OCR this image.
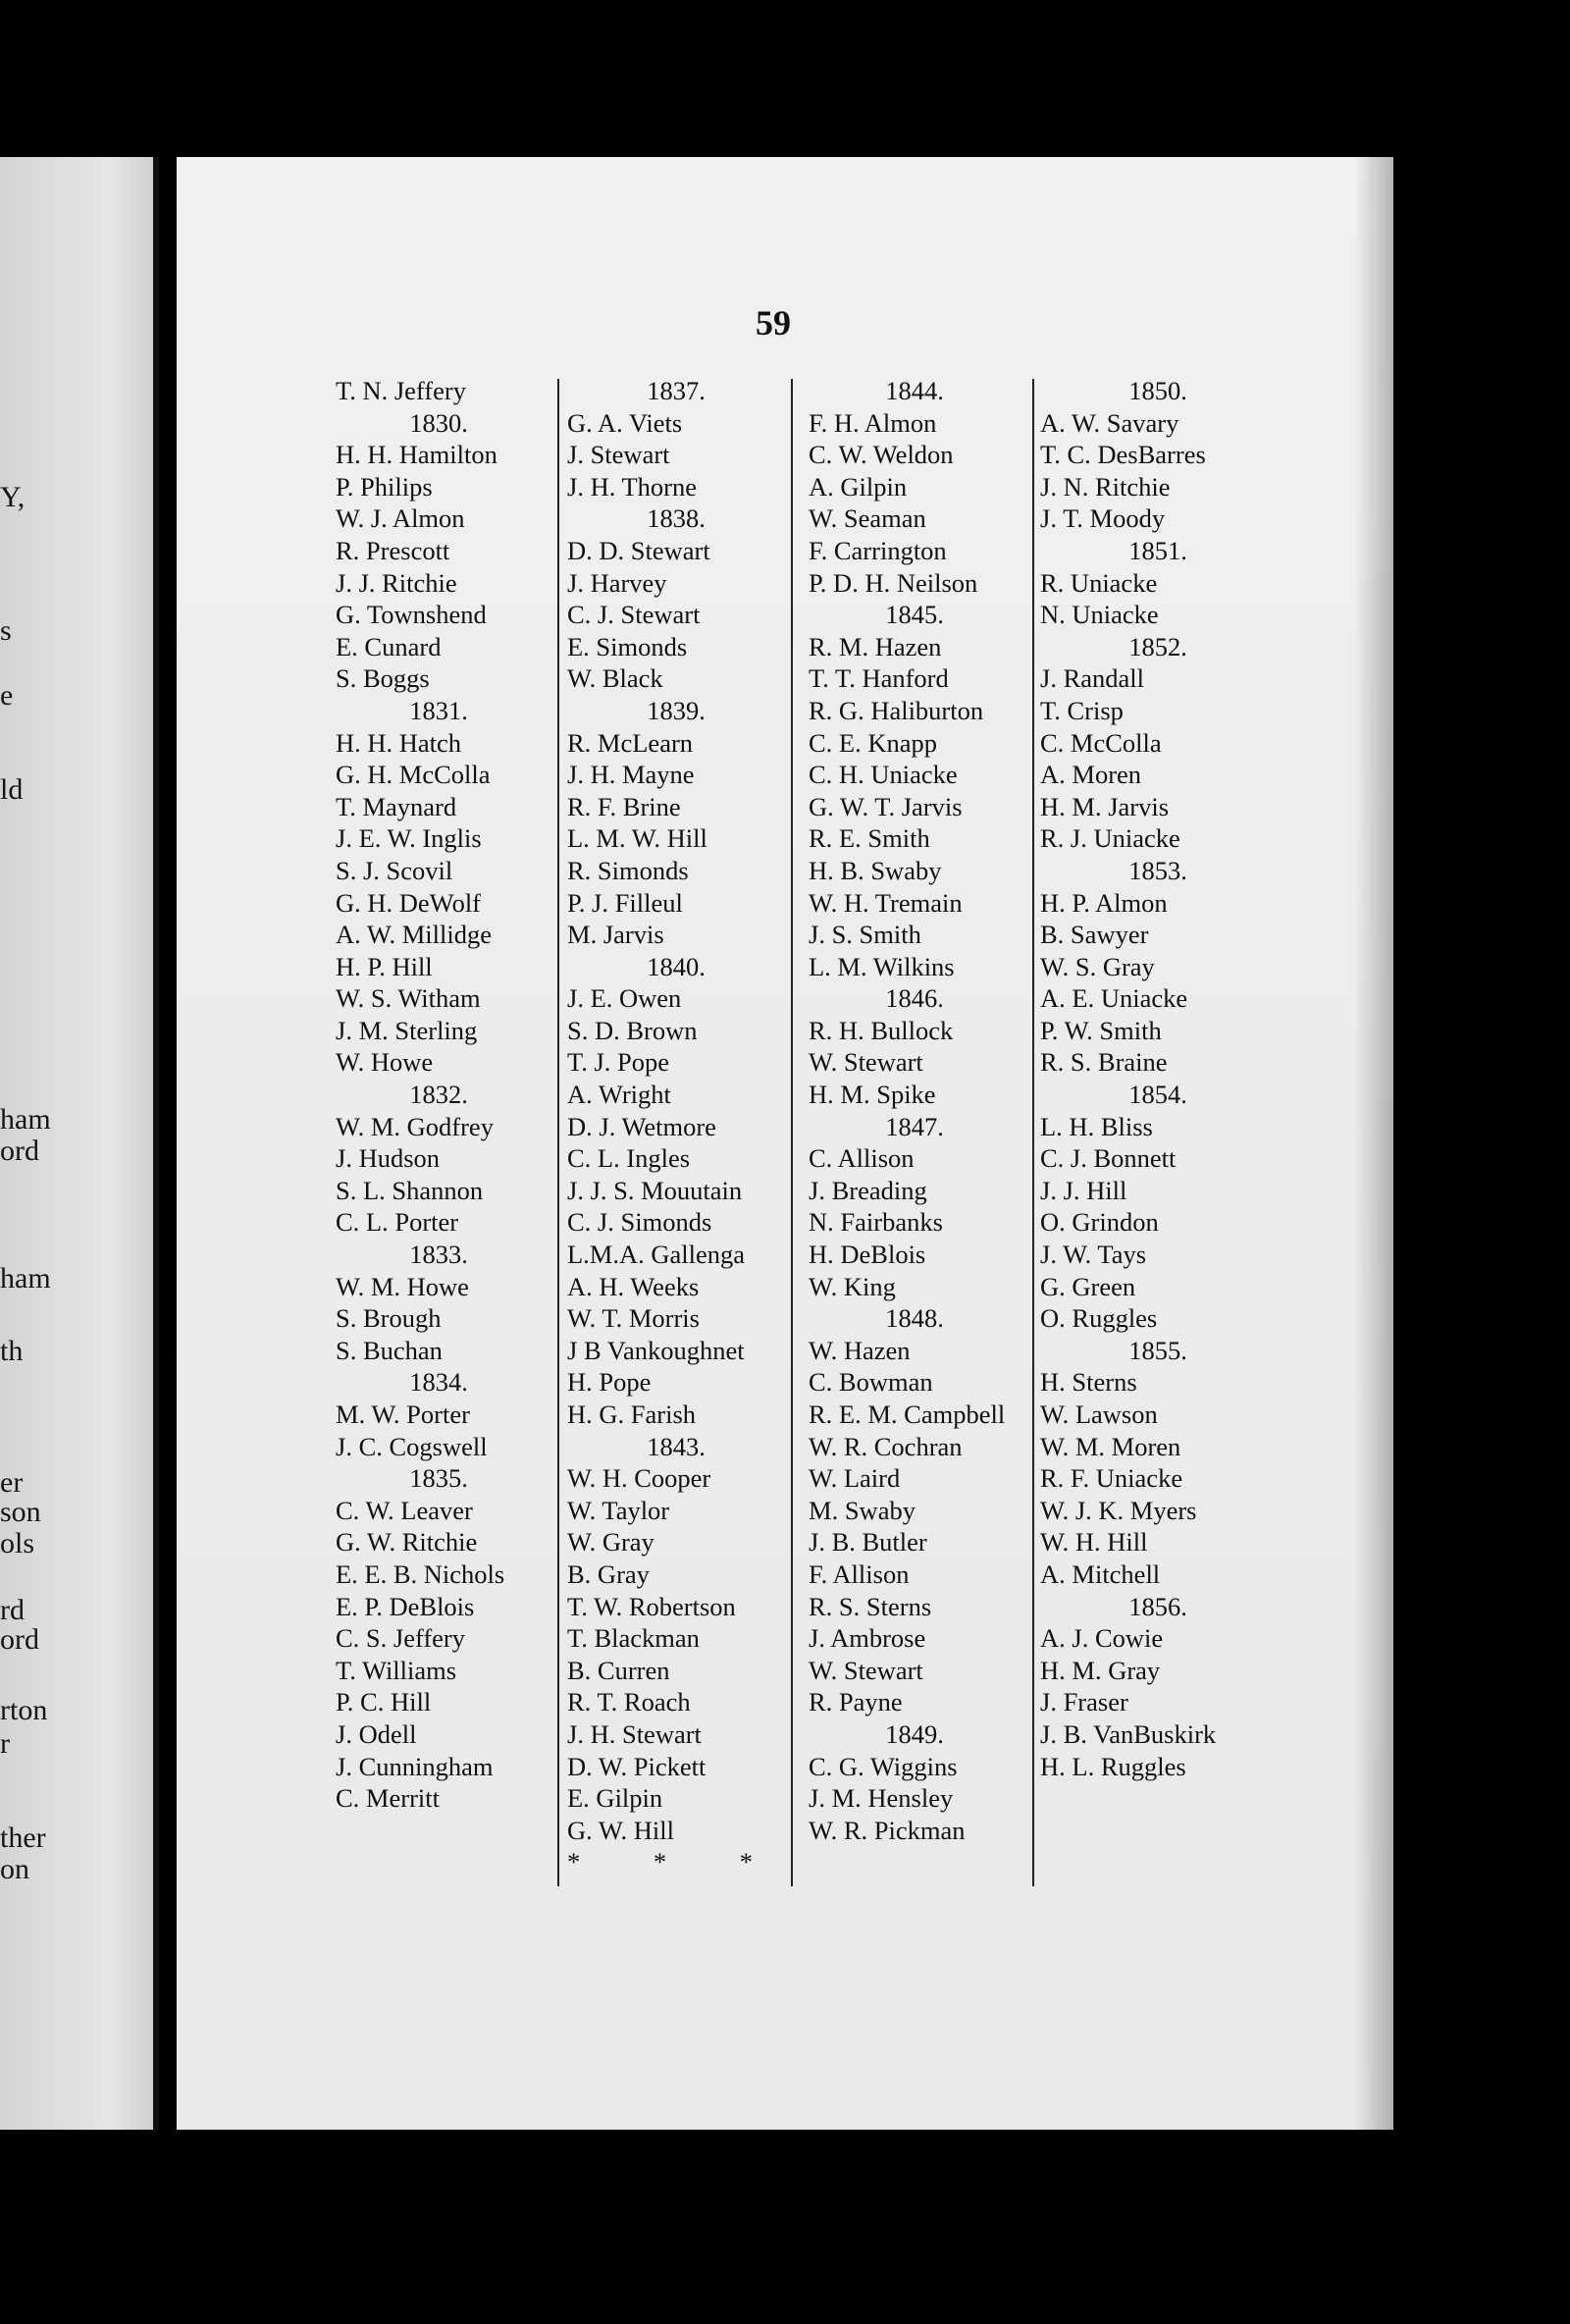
Y,
s
e
ld
ham
ord
ham
th
er
son
ols
rd
ord
rton
r
ther
on
59
T. N. Jeffery
1830.
H. H. Hamilton
P. Philips
W. J. Almon
R. Prescott
J. J. Ritchie
G. Townshend
E. Cunard
S. Boggs
1831.
H. H. Hatch
G. H. McColla
T. Maynard
J. E. W. Inglis
S. J. Scovil
G. H. DeWolf
A. W. Millidge
H. P. Hill
W. S. Witham
J. M. Sterling
W. Howe
1832.
W. M. Godfrey
J. Hudson
S. L. Shannon
C. L. Porter
1833.
W. M. Howe
S. Brough
S. Buchan
1834.
M. W. Porter
J. C. Cogswell
1835.
C. W. Leaver
G. W. Ritchie
E. E. B. Nichols
E. P. DeBlois
C. S. Jeffery
T. Williams
P. C. Hill
J. Odell
J. Cunningham
C. Merritt
1837.
G. A. Viets
J. Stewart
J. H. Thorne
1838.
D. D. Stewart
J. Harvey
C. J. Stewart
E. Simonds
W. Black
1839.
R. McLearn
J. H. Mayne
R. F. Brine
L. M. W. Hill
R. Simonds
P. J. Filleul
M. Jarvis
1840.
J. E. Owen
S. D. Brown
T. J. Pope
A. Wright
D. J. Wetmore
C. L. Ingles
J. J. S. Mouutain
C. J. Simonds
L.M.A. Gallenga
A. H. Weeks
W. T. Morris
J B Vankoughnet
H. Pope
H. G. Farish
1843.
W. H. Cooper
W. Taylor
W. Gray
B. Gray
T. W. Robertson
T. Blackman
B. Curren
R. T. Roach
J. H. Stewart
D. W. Pickett
E. Gilpin
G. W. Hill
* * *
1844.
F. H. Almon
C. W. Weldon
A. Gilpin
W. Seaman
F. Carrington
P. D. H. Neilson
1845.
R. M. Hazen
T. T. Hanford
R. G. Haliburton
C. E. Knapp
C. H. Uniacke
G. W. T. Jarvis
R. E. Smith
H. B. Swaby
W. H. Tremain
J. S. Smith
L. M. Wilkins
1846.
R. H. Bullock
W. Stewart
H. M. Spike
1847.
C. Allison
J. Breading
N. Fairbanks
H. DeBlois
W. King
1848.
W. Hazen
C. Bowman
R. E. M. Campbell
W. R. Cochran
W. Laird
M. Swaby
J. B. Butler
F. Allison
R. S. Sterns
J. Ambrose
W. Stewart
R. Payne
1849.
C. G. Wiggins
J. M. Hensley
W. R. Pickman
1850.
A. W. Savary
T. C. DesBarres
J. N. Ritchie
J. T. Moody
1851.
R. Uniacke
N. Uniacke
1852.
J. Randall
T. Crisp
C. McColla
A. Moren
H. M. Jarvis
R. J. Uniacke
1853.
H. P. Almon
B. Sawyer
W. S. Gray
A. E. Uniacke
P. W. Smith
R. S. Braine
1854.
L. H. Bliss
C. J. Bonnett
J. J. Hill
O. Grindon
J. W. Tays
G. Green
O. Ruggles
1855.
H. Sterns
W. Lawson
W. M. Moren
R. F. Uniacke
W. J. K. Myers
W. H. Hill
A. Mitchell
1856.
A. J. Cowie
H. M. Gray
J. Fraser
J. B. VanBuskirk
H. L. Ruggles
